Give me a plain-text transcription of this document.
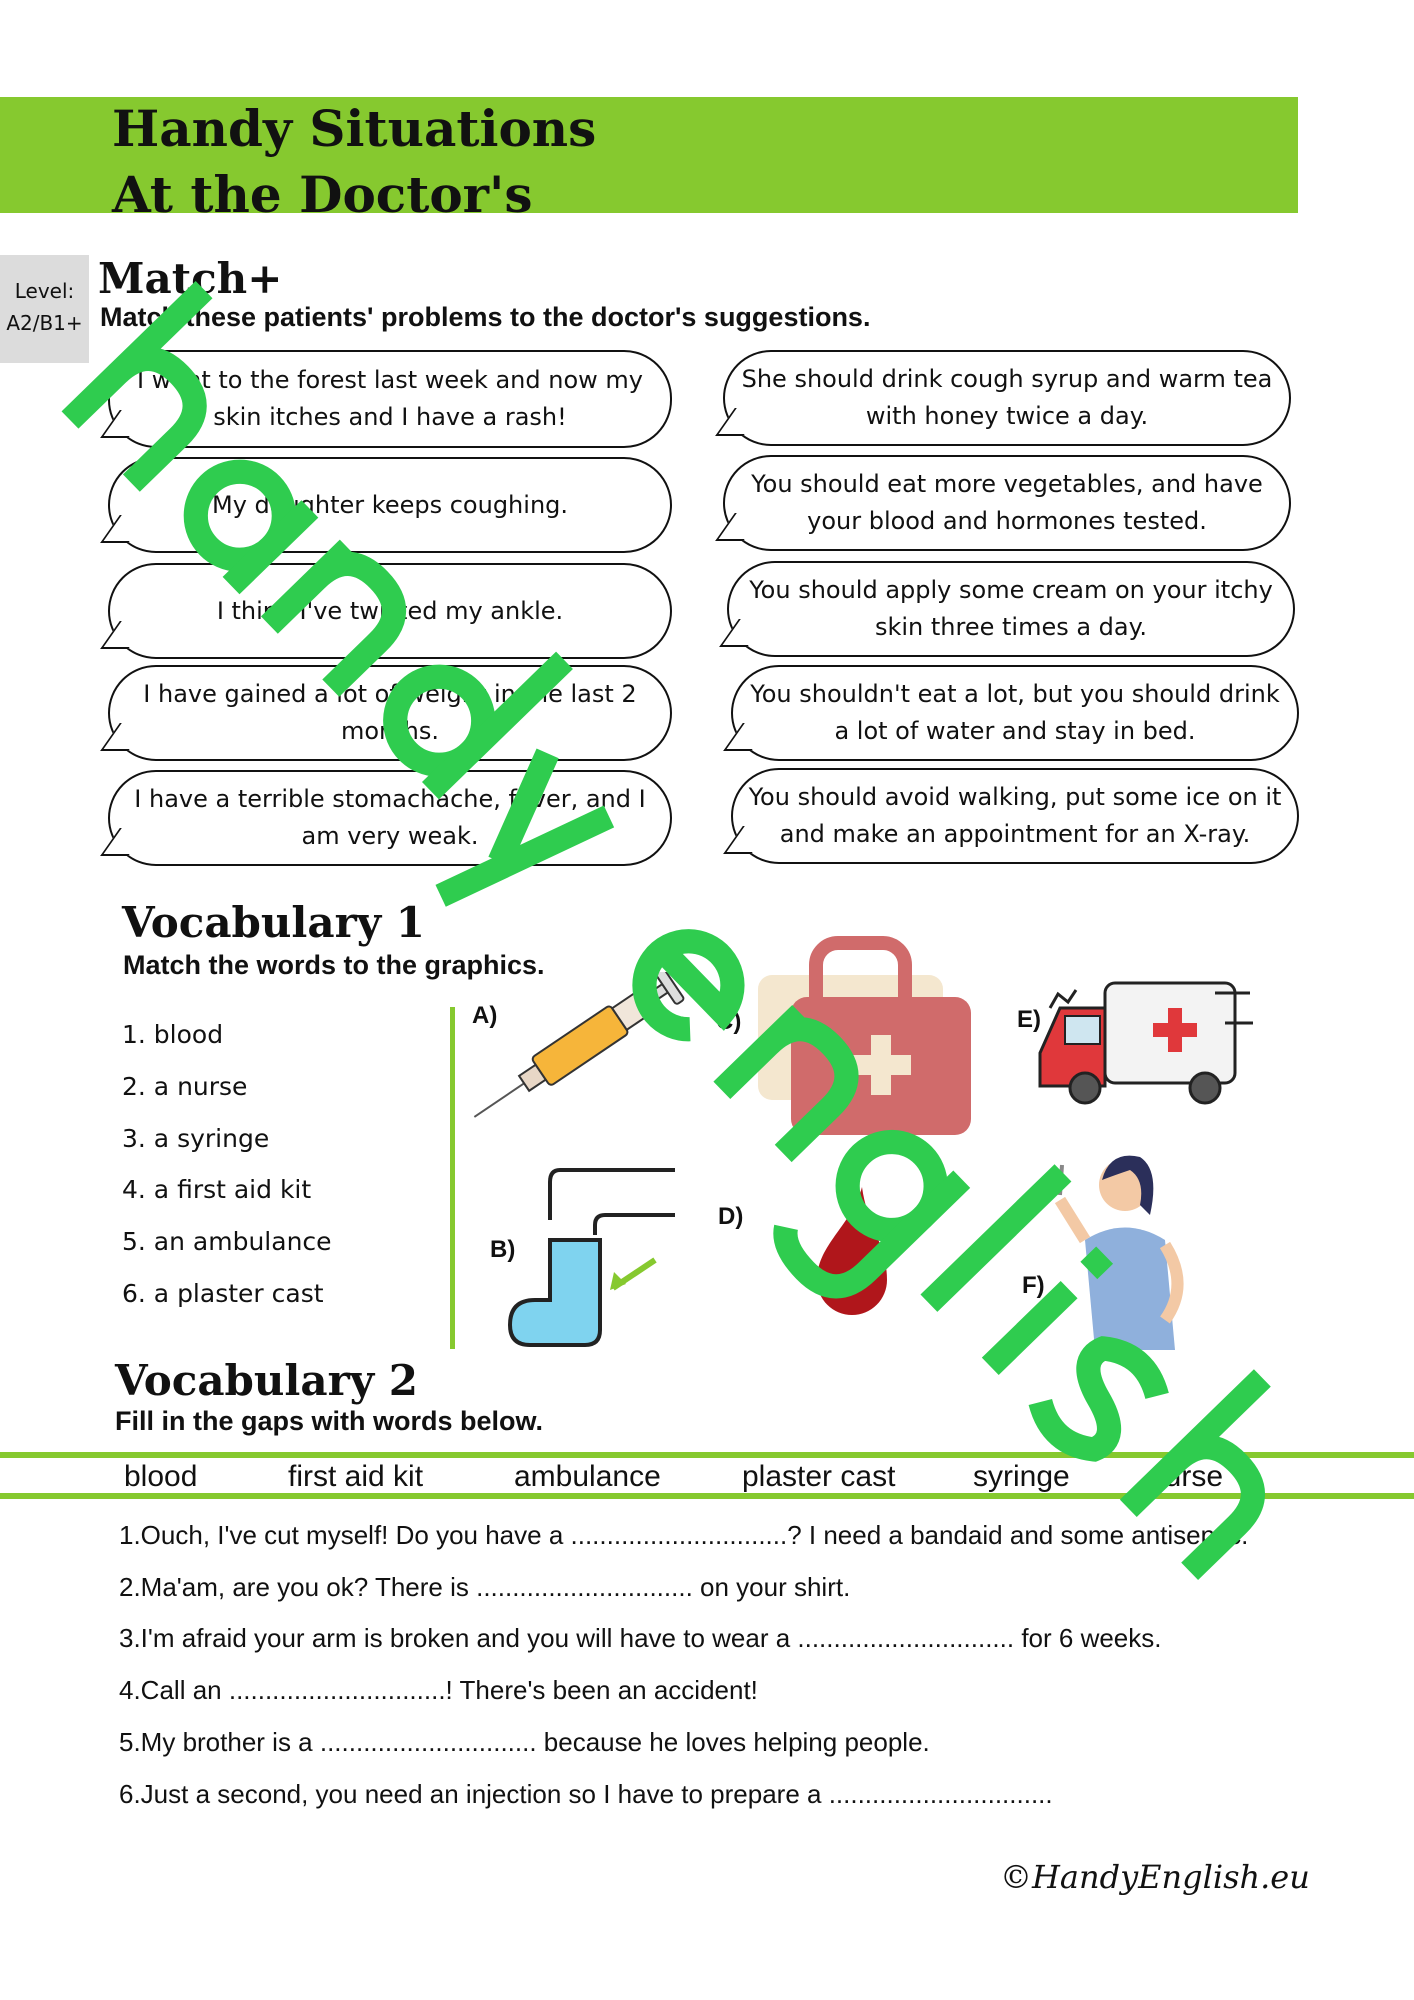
Handy Situations
At the Doctor's
Level:
A2/B1+
Match+
Match these patients' problems to the doctor's suggestions.
I went to the forest last week and now my skin itches and I have a rash!
My daughter keeps coughing.
I think I've twisted my ankle.
I have gained a lot of weight in the last 2 months.
I have a terrible stomachache, fever, and I am very weak.
She should drink cough syrup and warm tea with honey twice a day.
You should eat more vegetables, and have your blood and hormones tested.
You should apply some cream on your itchy skin three times a day.
You shouldn't eat a lot, but you should drink a lot of water and stay in bed.
You should avoid walking, put some ice on it and make an appointment for an X-ray.
Vocabulary 1
Match the words to the graphics.
1. blood
2. a nurse
3. a syringe
4. a first aid kit
5. an ambulance
6. a plaster cast
A)	C)	E)
B)
D)
F)
Vocabulary 2
Fill in the gaps with words below.
blood	first aid kit	ambulance	plaster cast	syringe	nurse
1.Ouch, I've cut myself! Do you have a ..............................? I need a bandaid and some antiseptic.
2.Ma'am, are you ok? There is .............................. on your shirt.
3.I'm afraid your arm is broken and you will have to wear a .............................. for 6 weeks.
4.Call an ..............................! There's been an accident!
5.My brother is a .............................. because he loves helping people.
6.Just a second, you need an injection so I have to prepare a ...............................
©HandyEnglish.eu
